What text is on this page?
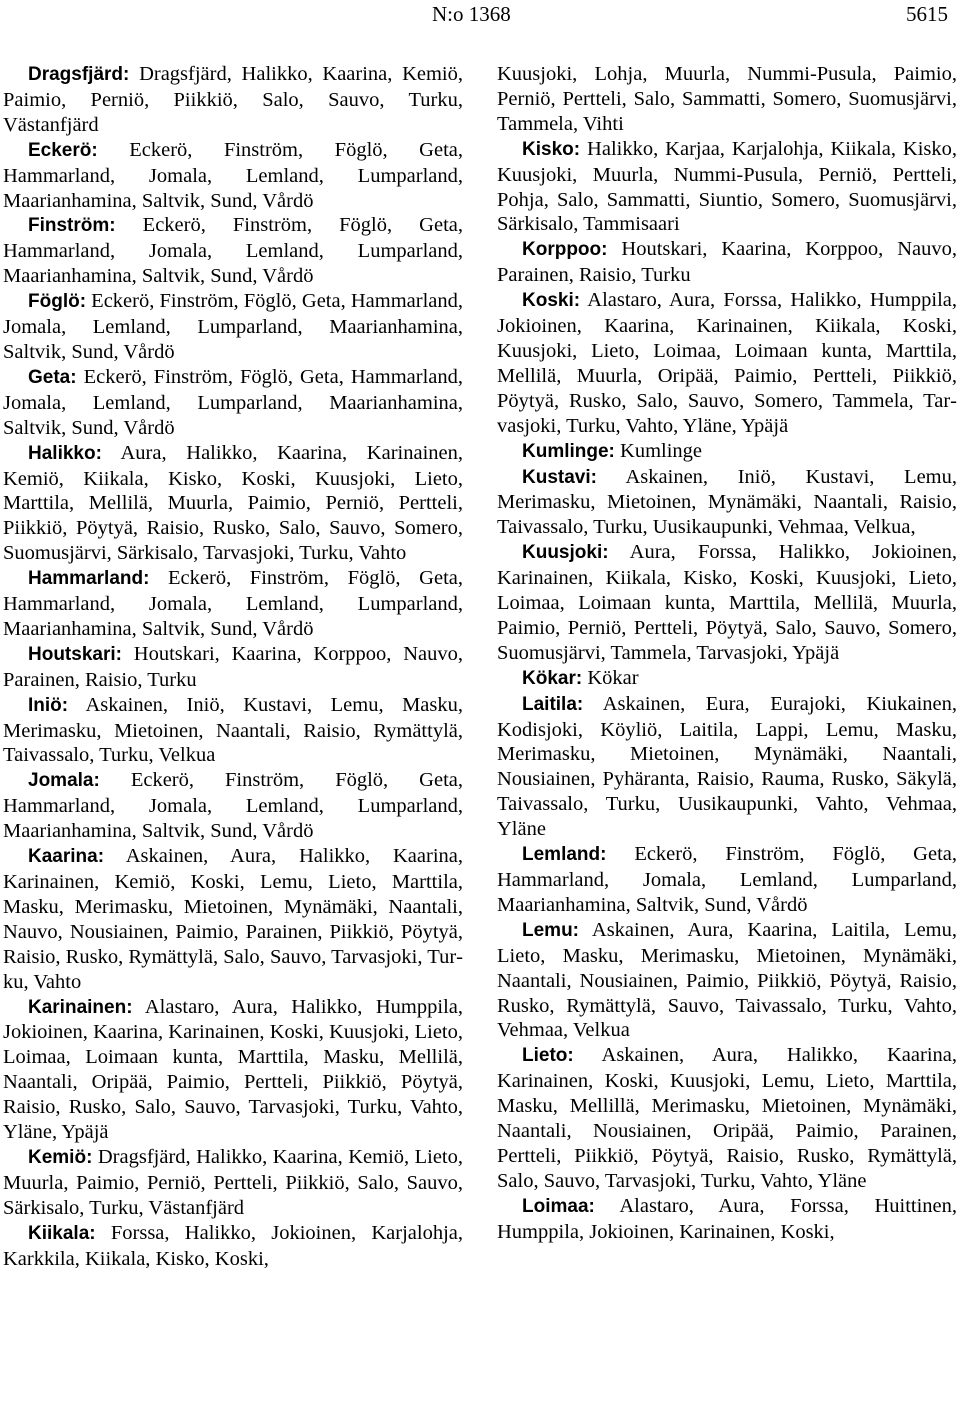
N:o 1368	5615

Dragsfjärd: Dragsfjärd, Halikko, Kaarina, Kemiö, Paimio, Perniö, Piikkiö, Salo, Sauvo, Turku, Västanfjärd

Eckerö: Eckerö, Finström, Föglö, Geta, Hammarland, Jomala, Lemland, Lumparland, Maarianhamina, Saltvik, Sund, Vårdö

Finström: Eckerö, Finström, Föglö, Geta, Hammarland, Jomala, Lemland, Lumparland, Maarianhamina, Saltvik, Sund, Vårdö

Föglö: Eckerö, Finström, Föglö, Geta, Hammarland, Jomala, Lemland, Lumparland, Maarianhamina, Saltvik, Sund, Vårdö

Geta: Eckerö, Finström, Föglö, Geta, Hammarland, Jomala, Lemland, Lumparland, Maarianhamina, Saltvik, Sund, Vårdö

Halikko: Aura, Halikko, Kaarina, Karinainen, Kemiö, Kiikala, Kisko, Koski, Kuusjoki, Lieto, Marttila, Mellilä, Muurla, Paimio, Perniö, Pertteli, Piikkiö, Pöytyä, Raisio, Rusko, Salo, Sauvo, Somero, Suomusjärvi, Särkisalo, Tarvasjoki, Turku, Vahto

Hammarland: Eckerö, Finström, Föglö, Geta, Hammarland, Jomala, Lemland, Lumparland, Maarianhamina, Saltvik, Sund, Vårdö

Houtskari: Houtskari, Kaarina, Korppoo, Nauvo, Parainen, Raisio, Turku

Iniö: Askainen, Iniö, Kustavi, Lemu, Masku, Merimasku, Mietoinen, Naantali, Raisio, Rymättylä, Taivassalo, Turku, Velkua

Jomala: Eckerö, Finström, Föglö, Geta, Hammarland, Jomala, Lemland, Lumparland, Maarianhamina, Saltvik, Sund, Vårdö

Kaarina: Askainen, Aura, Halikko, Kaarina, Karinainen, Kemiö, Koski, Lemu, Lieto, Marttila, Masku, Merimasku, Mietoinen, Mynämäki, Naantali, Nauvo, Nousiainen, Paimio, Parainen, Piikkiö, Pöytyä, Raisio, Rusko, Rymättylä, Salo, Sauvo, Tarvasjoki, Turku, Vahto

Karinainen: Alastaro, Aura, Halikko, Humppila, Jokioinen, Kaarina, Karinainen, Koski, Kuusjoki, Lieto, Loimaa, Loimaan kunta, Marttila, Masku, Mellilä, Naantali, Oripää, Paimio, Pertteli, Piikkiö, Pöytyä, Raisio, Rusko, Salo, Sauvo, Tarvasjoki, Turku, Vahto, Yläne, Ypäjä

Kemiö: Dragsfjärd, Halikko, Kaarina, Kemiö, Lieto, Muurla, Paimio, Perniö, Pertteli, Piikkiö, Salo, Sauvo, Särkisalo, Turku, Västanfjärd

Kiikala: Forssa, Halikko, Jokioinen, Karjalohja, Karkkila, Kiikala, Kisko, Koski,

Kuusjoki, Lohja, Muurla, Nummi-Pusula, Paimio, Perniö, Pertteli, Salo, Sammatti, Somero, Suomusjärvi, Tammela, Vihti

Kisko: Halikko, Karjaa, Karjalohja, Kiikala, Kisko, Kuusjoki, Muurla, Nummi-Pusula, Perniö, Pertteli, Pohja, Salo, Sammatti, Siuntio, Somero, Suomusjärvi, Särkisalo, Tammisaari

Korppoo: Houtskari, Kaarina, Korppoo, Nauvo, Parainen, Raisio, Turku

Koski: Alastaro, Aura, Forssa, Halikko, Humppila, Jokioinen, Kaarina, Karinainen, Kiikala, Koski, Kuusjoki, Lieto, Loimaa, Loimaan kunta, Marttila, Mellilä, Muurla, Oripää, Paimio, Pertteli, Piikkiö, Pöytyä, Rusko, Salo, Sauvo, Somero, Tammela, Tarvasjoki, Turku, Vahto, Yläne, Ypäjä

Kumlinge: Kumlinge

Kustavi: Askainen, Iniö, Kustavi, Lemu, Merimasku, Mietoinen, Mynämäki, Naantali, Raisio, Taivassalo, Turku, Uusikaupunki, Vehmaa, Velkua,

Kuusjoki: Aura, Forssa, Halikko, Jokioinen, Karinainen, Kiikala, Kisko, Koski, Kuusjoki, Lieto, Loimaa, Loimaan kunta, Marttila, Mellilä, Muurla, Paimio, Perniö, Pertteli, Pöytyä, Salo, Sauvo, Somero, Suomusjärvi, Tammela, Tarvasjoki, Ypäjä

Kökar: Kökar

Laitila: Askainen, Eura, Eurajoki, Kiukainen, Kodisjoki, Köyliö, Laitila, Lappi, Lemu, Masku, Merimasku, Mietoinen, Mynämäki, Naantali, Nousiainen, Pyhäranta, Raisio, Rauma, Rusko, Säkylä, Taivassalo, Turku, Uusikaupunki, Vahto, Vehmaa, Yläne

Lemland: Eckerö, Finström, Föglö, Geta, Hammarland, Jomala, Lemland, Lumparland, Maarianhamina, Saltvik, Sund, Vårdö

Lemu: Askainen, Aura, Kaarina, Laitila, Lemu, Lieto, Masku, Merimasku, Mietoinen, Mynämäki, Naantali, Nousiainen, Paimio, Piikkiö, Pöytyä, Raisio, Rusko, Rymättylä, Sauvo, Taivassalo, Turku, Vahto, Vehmaa, Velkua

Lieto: Askainen, Aura, Halikko, Kaarina, Karinainen, Koski, Kuusjoki, Lemu, Lieto, Marttila, Masku, Mellillä, Merimasku, Mietoinen, Mynämäki, Naantali, Nousiainen, Oripää, Paimio, Parainen, Pertteli, Piikkiö, Pöytyä, Raisio, Rusko, Rymättylä, Salo, Sauvo, Tarvasjoki, Turku, Vahto, Yläne

Loimaa: Alastaro, Aura, Forssa, Huittinen, Humppila, Jokioinen, Karinainen, Koski,
